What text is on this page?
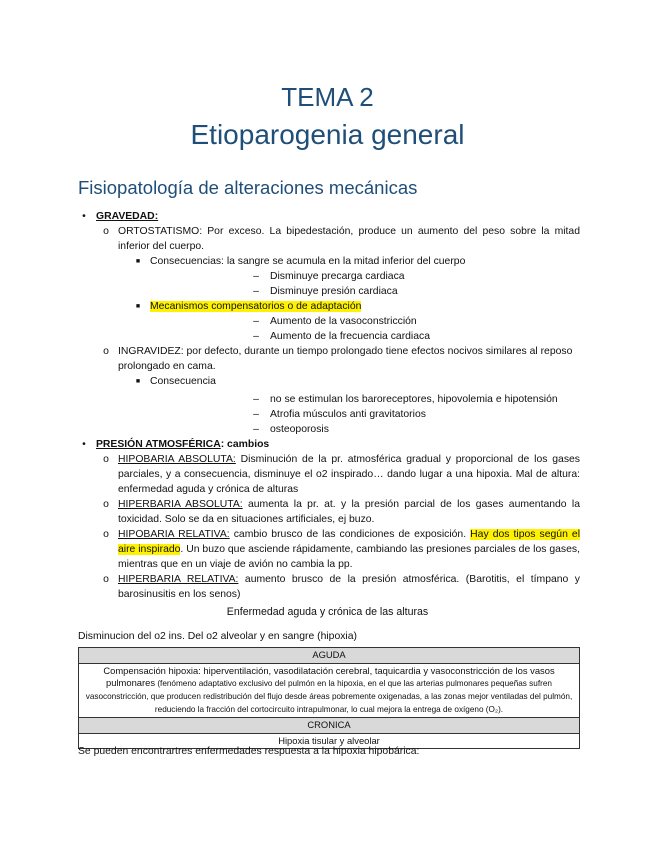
TEMA 2
Etioparogenia general
Fisiopatología de alteraciones mecánicas
• GRAVEDAD:
o ORTOSTATISMO: Por exceso. La bipedestación, produce un aumento del peso sobre la mitad inferior del cuerpo.
■ Consecuencias: la sangre se acumula en la mitad inferior del cuerpo
– Disminuye precarga cardiaca
– Disminuye presión cardiaca
■ Mecanismos compensatorios o de adaptación
– Aumento de la vasoconstricción
– Aumento de la frecuencia cardiaca
o INGRAVIDEZ: por defecto, durante un tiempo prolongado tiene efectos nocivos similares al reposo prolongado en cama.
■ Consecuencia
– no se estimulan los baroreceptores, hipovolemia e hipotensión
– Atrofia músculos anti gravitatorios
– osteoporosis
• PRESIÓN ATMOSFÉRICA: cambios
o HIPOBARIA ABSOLUTA: Disminución de la pr. atmosférica gradual y proporcional de los gases parciales, y a consecuencia, disminuye el o2 inspirado… dando lugar a una hipoxia. Mal de altura: enfermedad aguda y crónica de alturas
o HIPERBARIA ABSOLUTA: aumenta la pr. at. y la presión parcial de los gases aumentando la toxicidad. Solo se da en situaciones artificiales, ej buzo.
o HIPOBARIA RELATIVA: cambio brusco de las condiciones de exposición. Hay dos tipos según el aire inspirado. Un buzo que asciende rápidamente, cambiando las presiones parciales de los gases, mientras que en un viaje de avión no cambia la pp.
o HIPERBARIA RELATIVA: aumento brusco de la presión atmosférica. (Barotitis, el tímpano y barosinusitis en los senos)
Enfermedad aguda y crónica de las alturas
Disminucion del o2 ins. Del o2 alveolar y en sangre (hipoxia)
AGUDA
Compensación hipoxia: hiperventilación, vasodilatación cerebral, taquicardia y vasoconstricción de los vasos pulmonares (fenómeno adaptativo exclusivo del pulmón en la hipoxia, en el que las arterias pulmonares pequeñas sufren vasoconstricción, que producen redistribución del flujo desde áreas pobremente oxigenadas, a las zonas mejor ventiladas del pulmón, reduciendo la fracción del cortocircuito intrapulmonar, lo cual mejora la entrega de oxígeno (O₂).
CRONICA
Hipoxia tisular y alveolar
Se pueden encontrartres enfermedades respuesta a la hipoxia hipobárica:
